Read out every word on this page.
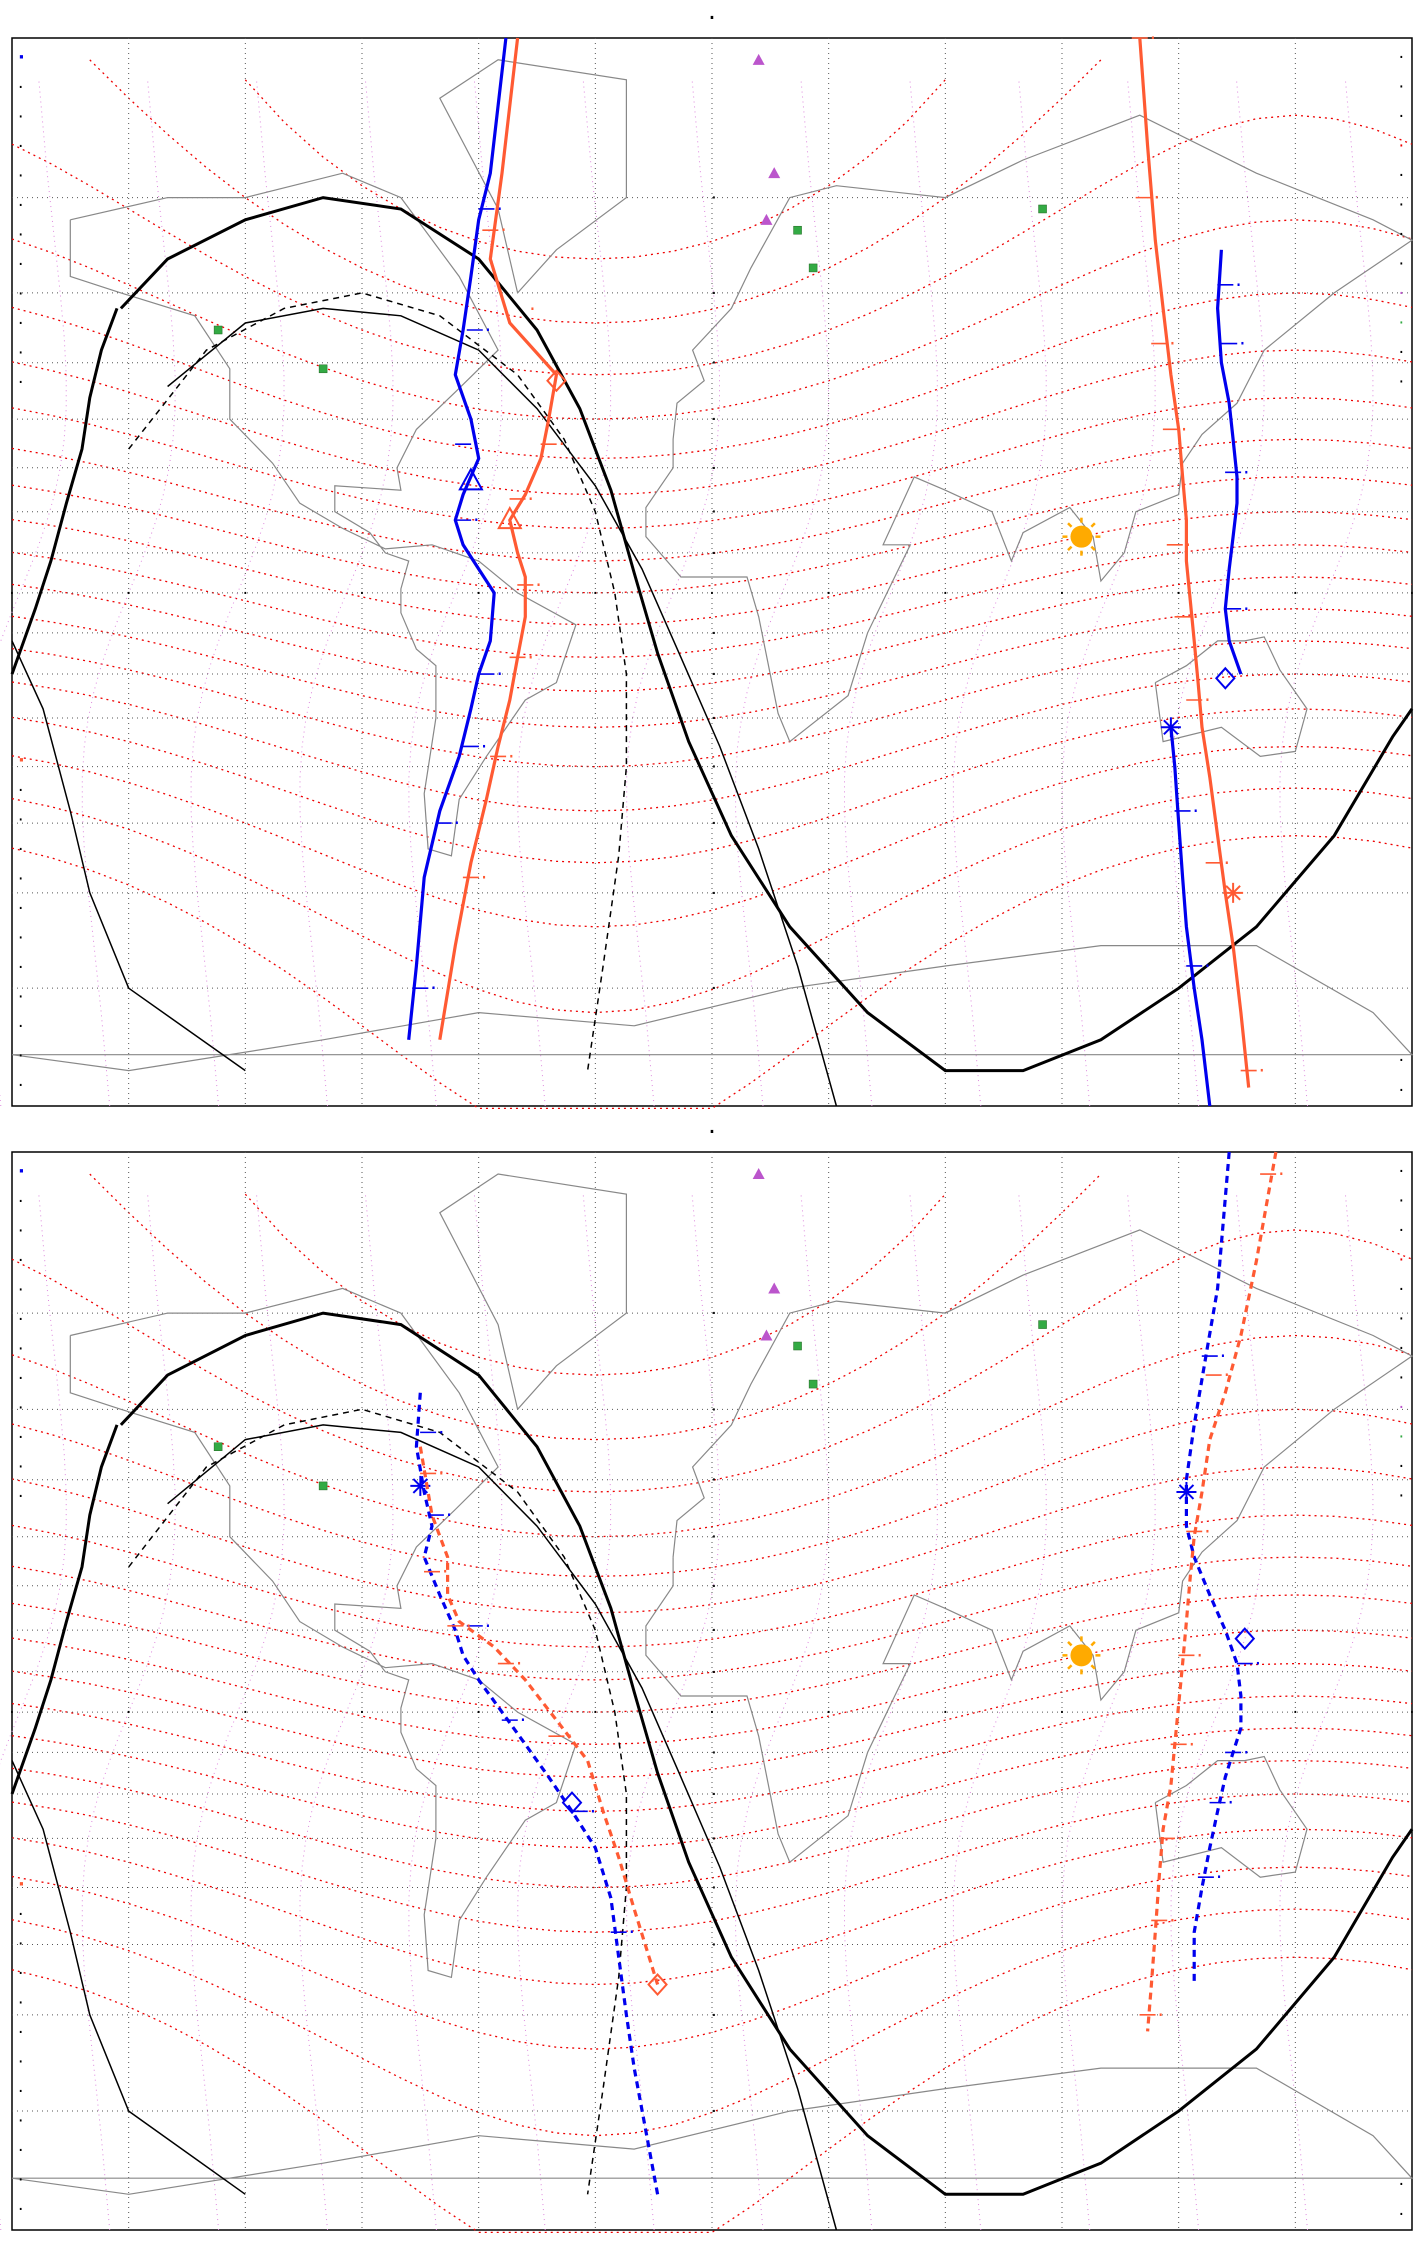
·
·	·	·	·	·	·	·	·	·	·	·	·	·
·
·
·
·
·
·
·
·
·
·
·
·
·
·
·
·
·
·
·
·
·
·
·
·
·
·
·
·
·
·
·
·
·
·
·
·
·
·
·
·
·
·
·
·
·
·
·
·
·
·
·
·
·
·
·
·
·
·
·
·
·
·
·
·
·
·
·
·
·
·
·
·
·
·
·
·
·
·
·
·
·
·
·
·
·	·	·	·	·	·	·	·	·	·	·	·	·
·
·
·
·
·
·
·
·
·
·
·
·
·
·
·
·
·
·
·
·
·
·
·
·
·
·
·
·
·
·
·
·
·
·
·
·
·
·
·
·
·
·
·
·
·
·
·
·
·
·
·
·
·
·
·
·
·
·
·
·
·
·
·
·
·
·
·
·
·
·
·
·
·
·
·
·
